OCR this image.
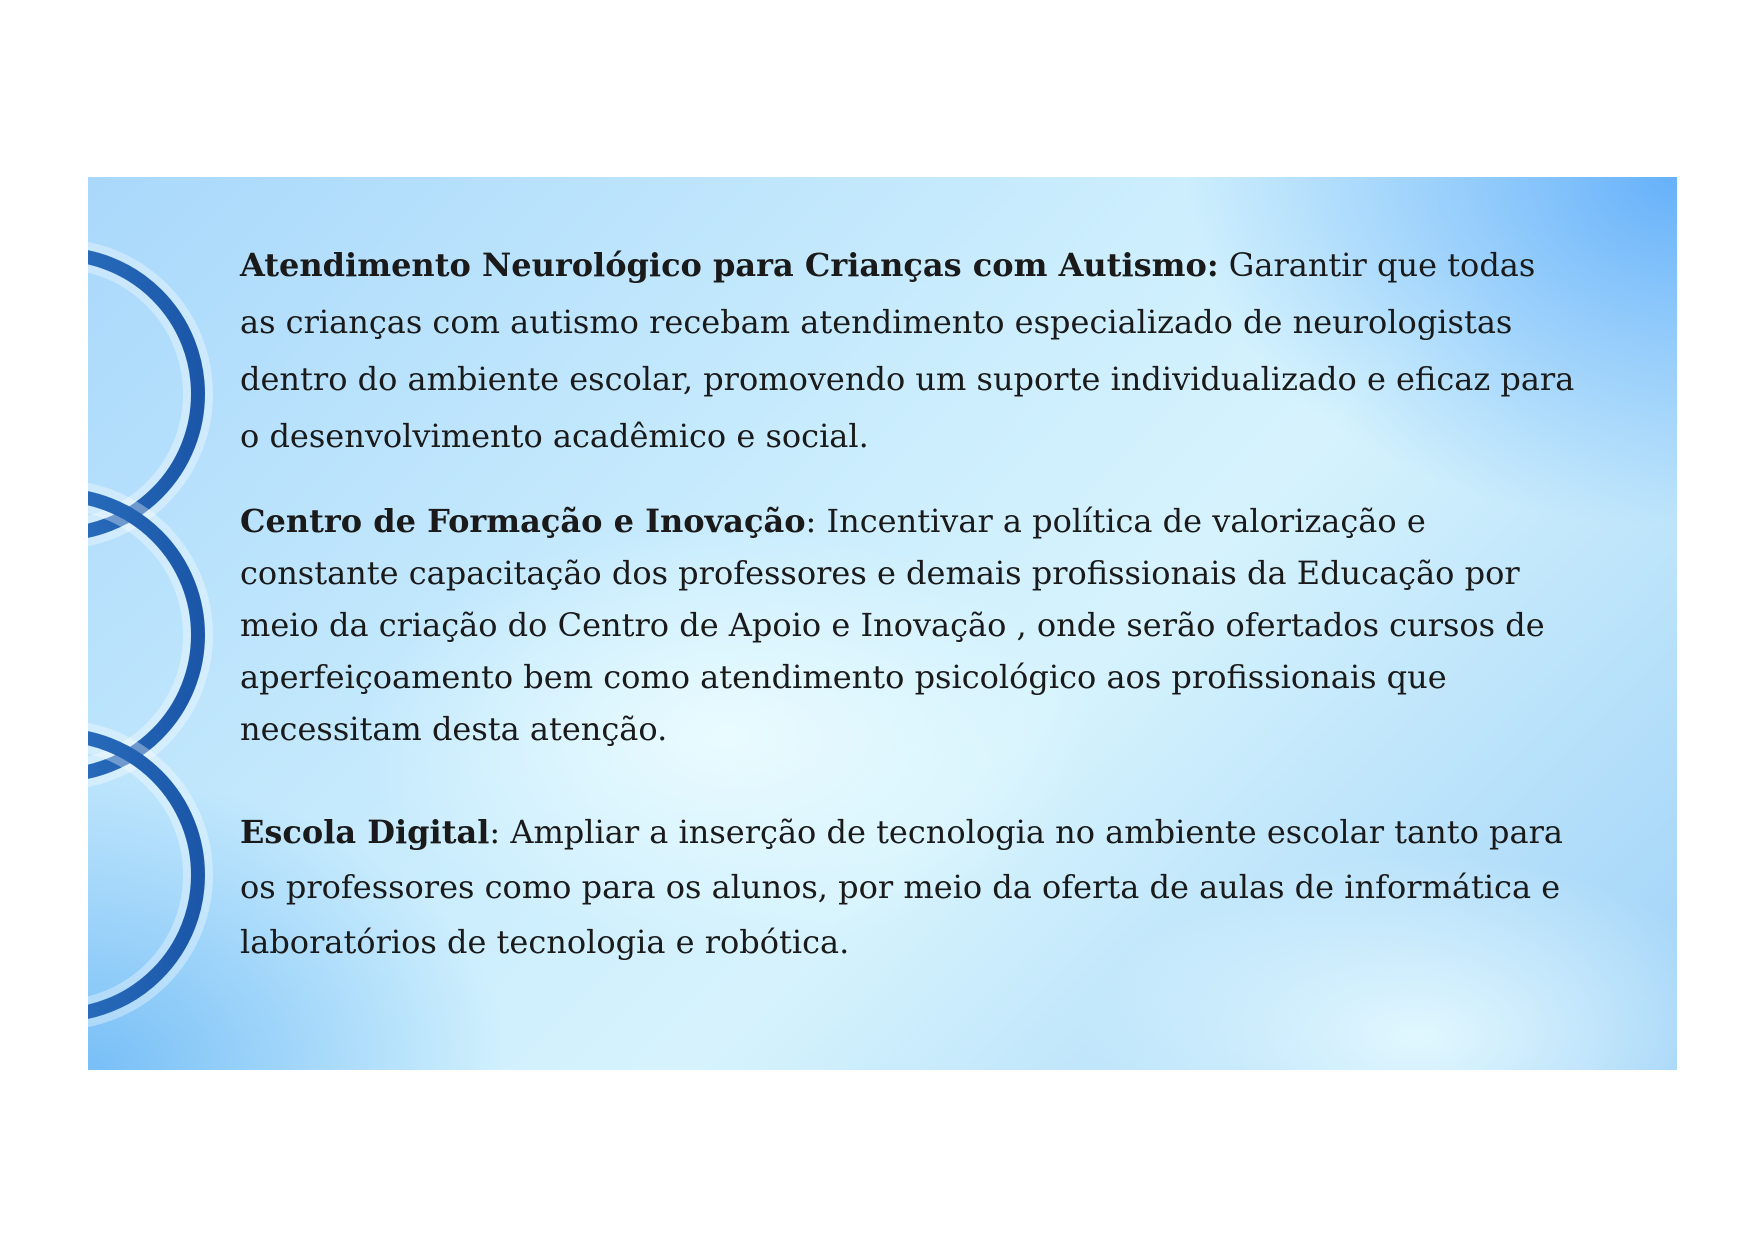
Atendimento Neurológico para Crianças com Autismo: Garantir que todas as crianças com autismo recebam atendimento especializado de neurologistas dentro do ambiente escolar, promovendo um suporte individualizado e eficaz para o desenvolvimento acadêmico e social.

Centro de Formação e Inovação: Incentivar a política de valorização e constante capacitação dos professores e demais profissionais da Educação por meio da criação do Centro de Apoio e Inovação , onde serão ofertados cursos de aperfeiçoamento bem como atendimento psicológico aos profissionais que necessitam desta atenção.

Escola Digital: Ampliar a inserção de tecnologia no ambiente escolar tanto para os professores como para os alunos, por meio da oferta de aulas de informática e laboratórios de tecnologia e robótica.
